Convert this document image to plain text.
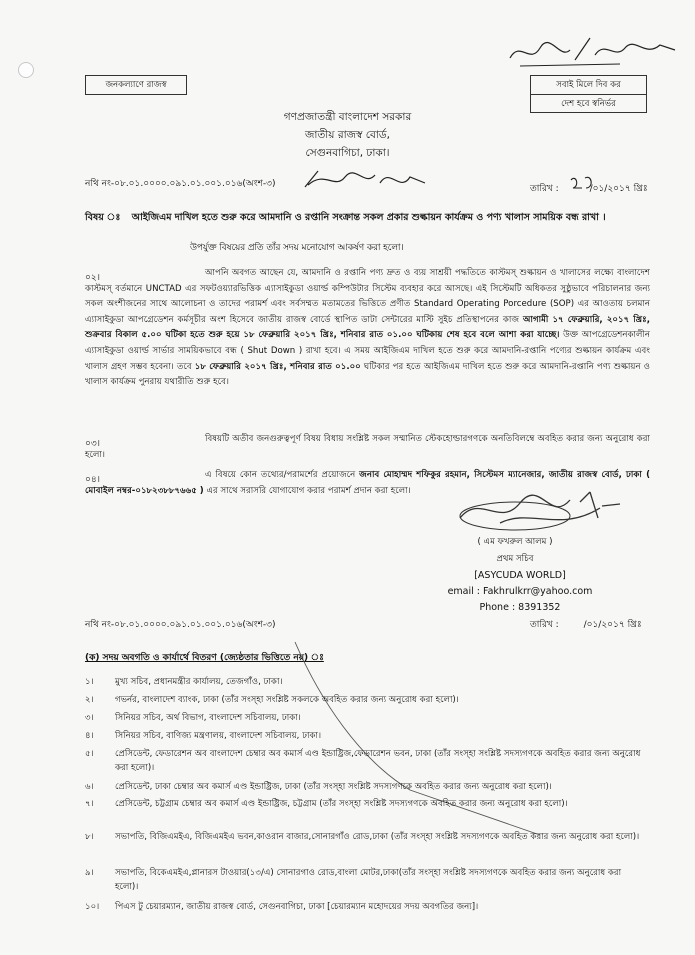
জনকল্যাণে রাজস্ব	সবাই মিলে দিব কর
দেশ হবে স্বনির্ভর
গণপ্রজাতন্ত্রী বাংলাদেশ সরকার
জাতীয় রাজস্ব বোর্ড,
সেগুনবাগিচা, ঢাকা।
নথি নং-০৮.০১.০০০০.০৯১.০১.০০১.০১৬(অংশ-৩)	তারিখ :	/০১/২০১৭ খ্রিঃ
বিষয় ঃ আইজিএম দাখিল হতে শুরু করে আমদানি ও রপ্তানি সংক্রান্ত সকল প্রকার শুল্কায়ন কার্যক্রম ও পণ্য খালাস সাময়িক বন্ধ রাখা ।
উপর্যুক্ত বিষয়ের প্রতি তাঁর সদয় মনোযোগ আকর্ষণ করা হলো।
০২।	আপনি অবগত আছেন যে, আমদানি ও রপ্তানি পণ্য দ্রুত ও ব্যয় সাশ্রয়ী পদ্ধতিতে কাস্টমস্ শুল্কায়ন ও খালাসের লক্ষ্যে বাংলাদেশ কাস্টমস্ বর্তমানে UNCTAD এর সফটওয়্যারভিত্তিক এ্যাসাইকুডা ওয়ার্ল্ড কম্পিউটার সিস্টেম ব্যবহার করে আসছে। এই সিস্টেমটি অধিকতর সুষ্ঠুভাবে পরিচালনার জন্য সকল অংশীজনের সাথে আলোচনা ও তাদের পরামর্শ এবং সর্বসম্মত মতামতের ভিত্তিতে প্রণীত Standard Operating Porcedure (SOP) এর আওতায় চলমান এ্যাসাইকুডা আপগ্রেডেশন কর্মসূচীর অংশ হিসেবে জাতীয় রাজস্ব বোর্ডে স্থাপিত ডাটা সেন্টারের মাস্টি সুইচ প্রতিস্থাপনের কাজ আগামী ১৭ ফেব্রুয়ারি, ২০১৭ খ্রিঃ, শুক্রবার বিকাল ৫.০০ ঘটিকা হতে শুরু হয়ে ১৮ ফেব্রুয়ারি ২০১৭ খ্রিঃ, শনিবার রাত ০১.০০ ঘটিকায় শেষ হবে বলে আশা করা যাচ্ছে। উক্ত আপগ্রেডেশনকালীন এ্যাসাইকুডা ওয়ার্ল্ড সার্ভার সাময়িকভাবে বন্ধ ( Shut Down ) রাখা হবে। এ সময় আইজিএম দাখিল হতে শুরু করে আমদানি-রপ্তানি পণ্যের শুল্কায়ন কার্যক্রম এবং খালাস গ্রহণ সম্ভব হবেনা। তবে ১৮ ফেব্রুয়ারি ২০১৭ খ্রিঃ, শনিবার রাত ০১.০০ ঘটিকার পর হতে আইজিএম দাখিল হতে শুরু করে আমদানি-রপ্তানি পণ্য শুল্কায়ন ও খালাস কার্যক্রম পুনরায় যথারীতি শুরু হবে।
০৩।	বিষয়টি অতীব জনগুরুত্বপূর্ণ বিষয় বিধায় সংশ্লিষ্ট সকল সম্মানিত স্টেকহোল্ডারগণকে অনতিবিলম্বে অবহিত করার জন্য অনুরোধ করা হলো।
০৪।	এ বিষয়ে কোন তথ্যের/পরামর্শের প্রয়োজনে জনাব মোহাম্মদ শফিকুর রহমান, সিস্টেমস ম্যানেজার, জাতীয় রাজস্ব বোর্ড, ঢাকা ( মোবাইল নম্বর-০১৮২৩৮৮৭৬৬৫ ) এর সাথে সরাসরি যোগাযোগ করার পরামর্শ প্রদান করা হলো।
( এম ফখরুল আলম )
প্রথম সচিব
[ASYCUDA WORLD]
email : Fakhrulkrr@yahoo.com
Phone : 8391352
নথি নং-০৮.০১.০০০০.০৯১.০১.০০১.০১৬(অংশ-৩)	তারিখ :	/০১/২০১৭ খ্রিঃ
(ক) সদয় অবগতি ও কার্যার্থে বিতরণ (জ্যেষ্ঠতার ভিত্তিতে নয়) ঃ
১।	মুখ্য সচিব, প্রধানমন্ত্রীর কার্যালয়, তেজগাঁও, ঢাকা।
২।	গভর্নর, বাংলাদেশ ব্যাংক, ঢাকা (তাঁর সংস্হা সংশ্লিষ্ট সকলকে অবহিত করার জন্য অনুরোধ করা হলো)।
৩।	সিনিয়র সচিব, অর্থ বিভাগ, বাংলাদেশ সচিবালয়, ঢাকা।
৪।	সিনিয়র সচিব, বাণিজ্য মন্ত্রণালয়, বাংলাদেশ সচিবালয়, ঢাকা।
৫।	প্রেসিডেন্ট, ফেডারেশন অব বাংলাদেশ চেম্বার অব কমার্স এণ্ড ইন্ডাষ্ট্রিজ,ফেডারেশন ভবন, ঢাকা (তাঁর সংস্হা সংশ্লিষ্ট সদস্যগণকে অবহিত করার জন্য অনুরোধ করা হলো)।
৬।	প্রেসিডেন্ট, ঢাকা চেম্বার অব কমার্স এণ্ড ইন্ডাষ্ট্রিজ, ঢাকা (তাঁর সংস্হা সংশ্লিষ্ট সদস্যগণকে অবহিত করার জন্য অনুরোধ করা হলো)।
৭।	প্রেসিডেন্ট, চট্টগ্রাম চেম্বার অব কমার্স এণ্ড ইন্ডাষ্ট্রিজ, চট্টগ্রাম (তাঁর সংস্হা সংশ্লিষ্ট সদস্যগণকে অবহিত করার জন্য অনুরোধ করা হলো)।
৮।	সভাপতি, বিজিএমইএ, বিজিএমইএ ভবন,কাওরান বাজার,সোনারগাঁও রোড,ঢাকা (তাঁর সংস্হা সংশ্লিষ্ট সদস্যগণকে অবহিত করার জন্য অনুরোধ করা হলো)।
৯।	সভাপতি, বিকেএমইএ,প্লানারস টাওয়ার(১৩/এ) সোনারগাও রোড,বাংলা মোটর,ঢাকা(তাঁর সংস্হা সংশ্লিষ্ট সদস্যগণকে অবহিত করার জন্য অনুরোধ করা হলো)।
১০।	পিএস টু চেয়ারম্যান, জাতীয় রাজস্ব বোর্ড, সেগুনবাগিচা, ঢাকা [চেয়ারম্যান মহোদয়ের সদয় অবগতির জন্য]।
